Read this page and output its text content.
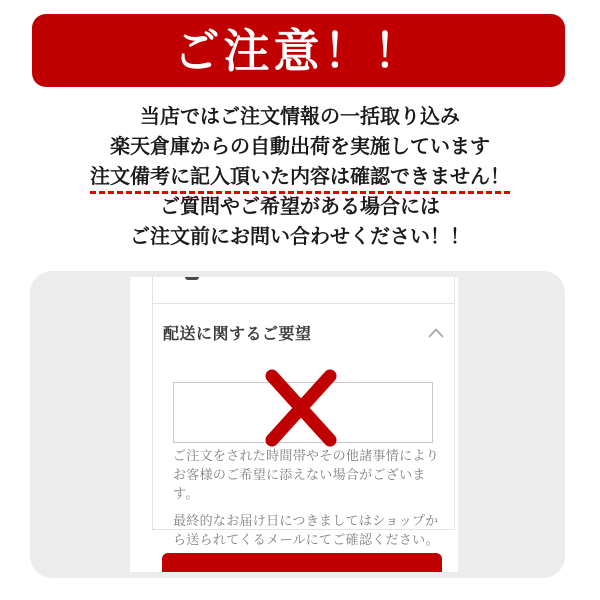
ご注意！！
当店ではご注文情報の一括取り込み
楽天倉庫からの自動出荷を実施しています
注文備考に記入頂いた内容は確認できません！
ご質問やご希望がある場合には
ご注文前にお問い合わせください！！
配送に関するご要望

ご注文をされた時間帯やその他諸事情によりお客様のご希望に添えない場合がございます。

最終的なお届け日につきましてはショップから送られてくるメールにてご確認ください。
